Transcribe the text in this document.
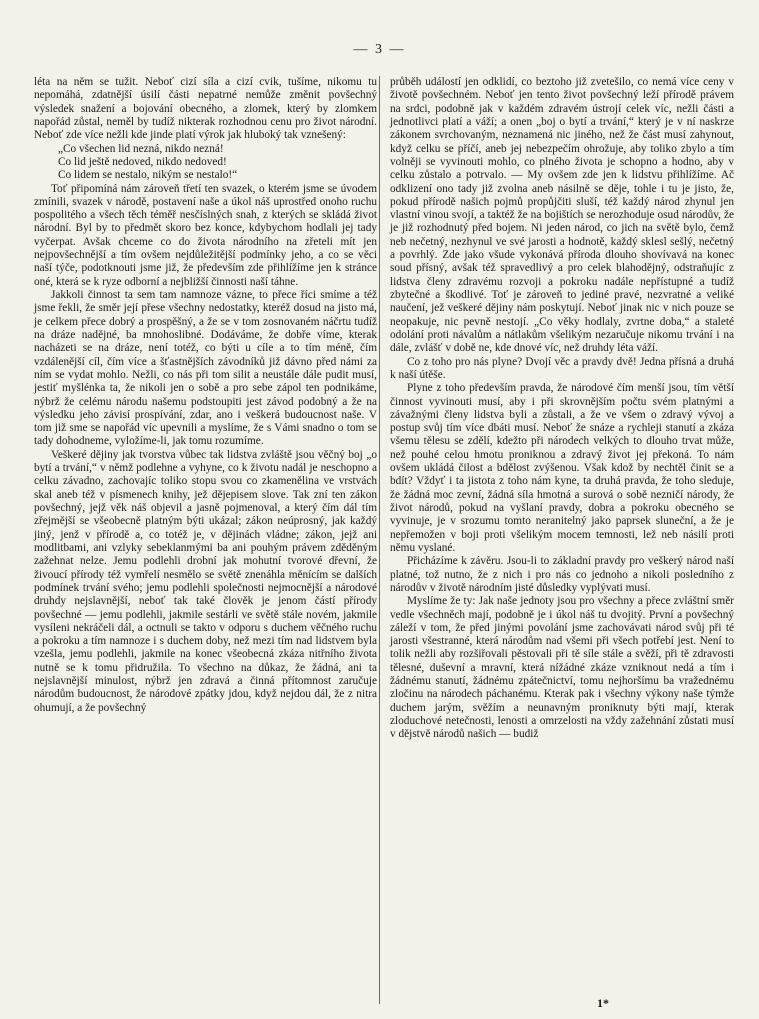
— 3 —

léta na něm se tužit. Neboť cizí síla a cizí cvik, tušíme, nikomu tu nepomáhá, zdatnější úsilí části nepatrné nemůže změnit povšechný výsledek snažení a bojování obecného, a zlomek, který by zlomkem napořád zůstal, neměl by tudíž nikterak rozhodnou cenu pro život národní. Neboť zde více nežli kde jinde platí výrok jak hluboký tak vznešený:

„Co všechen lid nezná, nikdo nezná!
Co lid ještě nedoved, nikdo nedoved!
Co lidem se nestalo, nikým se nestalo!“

Toť připomíná nám zároveň třetí ten svazek, o kterém jsme se úvodem zmínili, svazek v národě, postavení naše a úkol náš uprostřed onoho ruchu pospolitého a všech těch téměř nesčíslných snah, z kterých se skládá život národní. Byl by to předmět skoro bez konce, kdybychom hodlali jej tady vyčerpat. Avšak chceme co do života národního na zřeteli mít jen nejpovšechnější a tím ovšem nejdůležitější podmínky jeho, a co se věci naší týče, podotknouti jsme již, že především zde přihlížíme jen k stránce oné, která se k ryze odborní a nejbližší činnosti naší táhne.

Jakkoli činnost ta sem tam namnoze vázne, to přece říci smíme a též jsme řekli, že směr její přese všechny nedostatky, kteréž dosud na jisto má, je celkem přece dobrý a prospěšný, a že se v tom zosnovaném náčrtu tudíž na dráze nadějné, ba mnohoslibné. Dodáváme, že dobře víme, kterak nacházeti se na dráze, není totéž, co býti u cíle a to tím méně, čím vzdálenější cíl, čím více a šťastnějších závodníků již dávno před námi za ním se vydat mohlo. Nežli, co nás při tom silit a neustále dále pudit musí, jestiť myšlénka ta, že nikoli jen o sobě a pro sebe zápol ten podnikáme, nýbrž že celému národu našemu podstoupiti jest závod podobný a že na výsledku jeho závisí prospívání, zdar, ano i veškerá budoucnost naše. V tom již sme se napořád víc upevnili a myslíme, že s Vámi snadno o tom se tady dohodneme, vyložíme-li, jak tomu rozumíme.

Veškeré dějiny jak tvorstva vůbec tak lidstva zvláště jsou věčný boj „o bytí a trvání,“ v němž podlehne a vyhyne, co k životu nadál je neschopno a celku závadno, zachovajíc toliko stopu svou co zkamenělina ve vrstvách skal aneb též v písmenech knihy, jež dějepisem slove. Tak zní ten zákon povšechný, jejž věk náš objevil a jasně pojmenoval, a který čím dál tím zřejmější se všeobecně platným býti ukázal; zákon neúprosný, jak každý jiný, jenž v přírodě a, co totéž je, v dějinách vládne; zákon, jejž ani modlitbami, ani vzlyky sebeklanmými ba ani pouhým právem zděděným zažehnat nelze. Jemu podlehli drobní jak mohutní tvorové dřevní, že živoucí přírody též vymřelí nesmělo se světě znenáhla měnícím se dalších podmínek trvání svého; jemu podlehli společnosti nejmocnější a národové druhdy nejslavnější, neboť tak také člověk je jenom částí přírody povšechné — jemu podlehli, jakmile sestárli ve světě stále novém, jakmile vysíleni nekráčeli dál, a octnuli se takto v odporu s duchem věčného ruchu a pokroku a tím namnoze i s duchem doby, než mezi tím nad lidstvem byla vzešla, jemu podlehli, jakmile na konec všeobecná zkáza nitřního života nutně se k tomu přidružila. To všechno na důkaz, že žádná, ani ta nejslavnější minulost, nýbrž jen zdravá a činná přítomnost zaručuje národům budoucnost, že národové zpátky jdou, když nejdou dál, že z nitra ohumují, a že povšechný

průběh událostí jen odklidí, co beztoho již zvetešilo, co nemá více ceny v životě povšechném. Neboť jen tento život povšechný leží přírodě právem na srdci, podobně jak v každém zdravém ústrojí celek víc, nežli části a jednotlivci platí a váží; a onen „boj o bytí a trvání,“ který je v ní naskrze zákonem svrchovaným, neznamená nic jiného, než že část musí zahynout, když celku se příčí, aneb jej nebezpečím ohrožuje, aby toliko zbylo a tím volněji se vyvinouti mohlo, co plného života je schopno a hodno, aby v celku zůstalo a potrvalo. — My ovšem zde jen k lidstvu přihlížíme. Ač odklizení ono tady již zvolna aneb násilně se děje, tohle i tu je jisto, že, pokud přírodě našich pojmů propůjčiti sluší, též každý národ zhynul jen vlastní vinou svojí, a taktéž že na bojištích se nerozhoduje osud národův, že je již rozhodnutý před bojem. Ni jeden národ, co jich na světě bylo, čemž neb nečetný, nezhynul ve své jarosti a hodnotě, každý sklesl sešlý, nečetný a povrhlý. Zde jako všude vykonává příroda dlouho shovívavá na konec soud přísný, avšak též spravedlivý a pro celek blahodějný, odstraňujíc z lidstva členy zdravému rozvoji a pokroku nadále nepřístupné a tudíž zbytečné a škodlivé. Toť je zároveň to jediné pravé, nezvratné a veliké naučení, jež veškeré dějiny nám poskytují. Neboť jinak nic v nich pouze se neopakuje, nic pevně nestojí. „Co věky hodlaly, zvrtne doba,“ a staleté odolání proti návalům a nátlakům všelikým nezaručuje nikomu trvání i na dále, zvlášť v době ne, kde dnové víc, než druhdy léta váží.

Co z toho pro nás plyne? Dvojí věc a pravdy dvě! Jedna přísná a druhá k naší útěše.

Plyne z toho především pravda, že národové čím menší jsou, tím větší činnost vyvinouti musí, aby i při skrovnějším počtu svém platnými a závažnými členy lidstva byli a zůstali, a že ve všem o zdravý vývoj a postup svůj tím více dbáti musí. Neboť že snáze a rychleji stanutí a zkáza všemu tělesu se zdělí, kdežto při národech velkých to dlouho trvat může, než pouhé celou hmotu proniknou a zdravý život jej překoná. To nám ovšem ukládá čilost a bdělost zvýšenou. Však kdož by nechtěl činit se a bdít? Vždyť i ta jistota z toho nám kyne, ta druhá pravda, že toho sleduje, že žádná moc zevní, žádná síla hmotná a surová o sobě nezničí národy, že život národů, pokud na vyšlaní pravdy, dobra a pokroku obecného se vyvinuje, je v srozumu tomto neranitelný jako paprsek sluneční, a že je nepřemožen v boji proti všelikým mocem temnosti, lež neb násilí proti němu vyslané.

Přicházíme k závěru. Jsou-li to základní pravdy pro veškerý národ naší platné, tož nutno, že z nich i pro nás co jednoho a nikoli posledního z národův v životě národním jisté důsledky vyplývati musí.

Myslíme že ty: Jak naše jednoty jsou pro všechny a přece zvláštní směr vedle všechněch mají, podobně je i úkol náš tu dvojitý. První a povšechný záleží v tom, že před jinými povolání jsme zachovávati národ svůj při té jarosti všestranné, která národům nad všemi při všech potřebí jest. Není to tolik nežli aby rozšiřovali pěstovali při tě síle stále a svěží, při tě zdravosti tělesné, duševní a mravní, která nížádné zkáze vzniknout nedá a tím i žádnému stanutí, žádnému zpátečnictví, tomu nejhoršímu ba vražednému zločinu na národech páchanému. Kterak pak i všechny výkony naše týmže duchem jarým, svěžím a neunavným proniknuty býti mají, kterak zloduchové netečnosti, lenosti a omrzelosti na vždy zažehnání zůstati musí v dějstvě národů našich — budiž

1*
